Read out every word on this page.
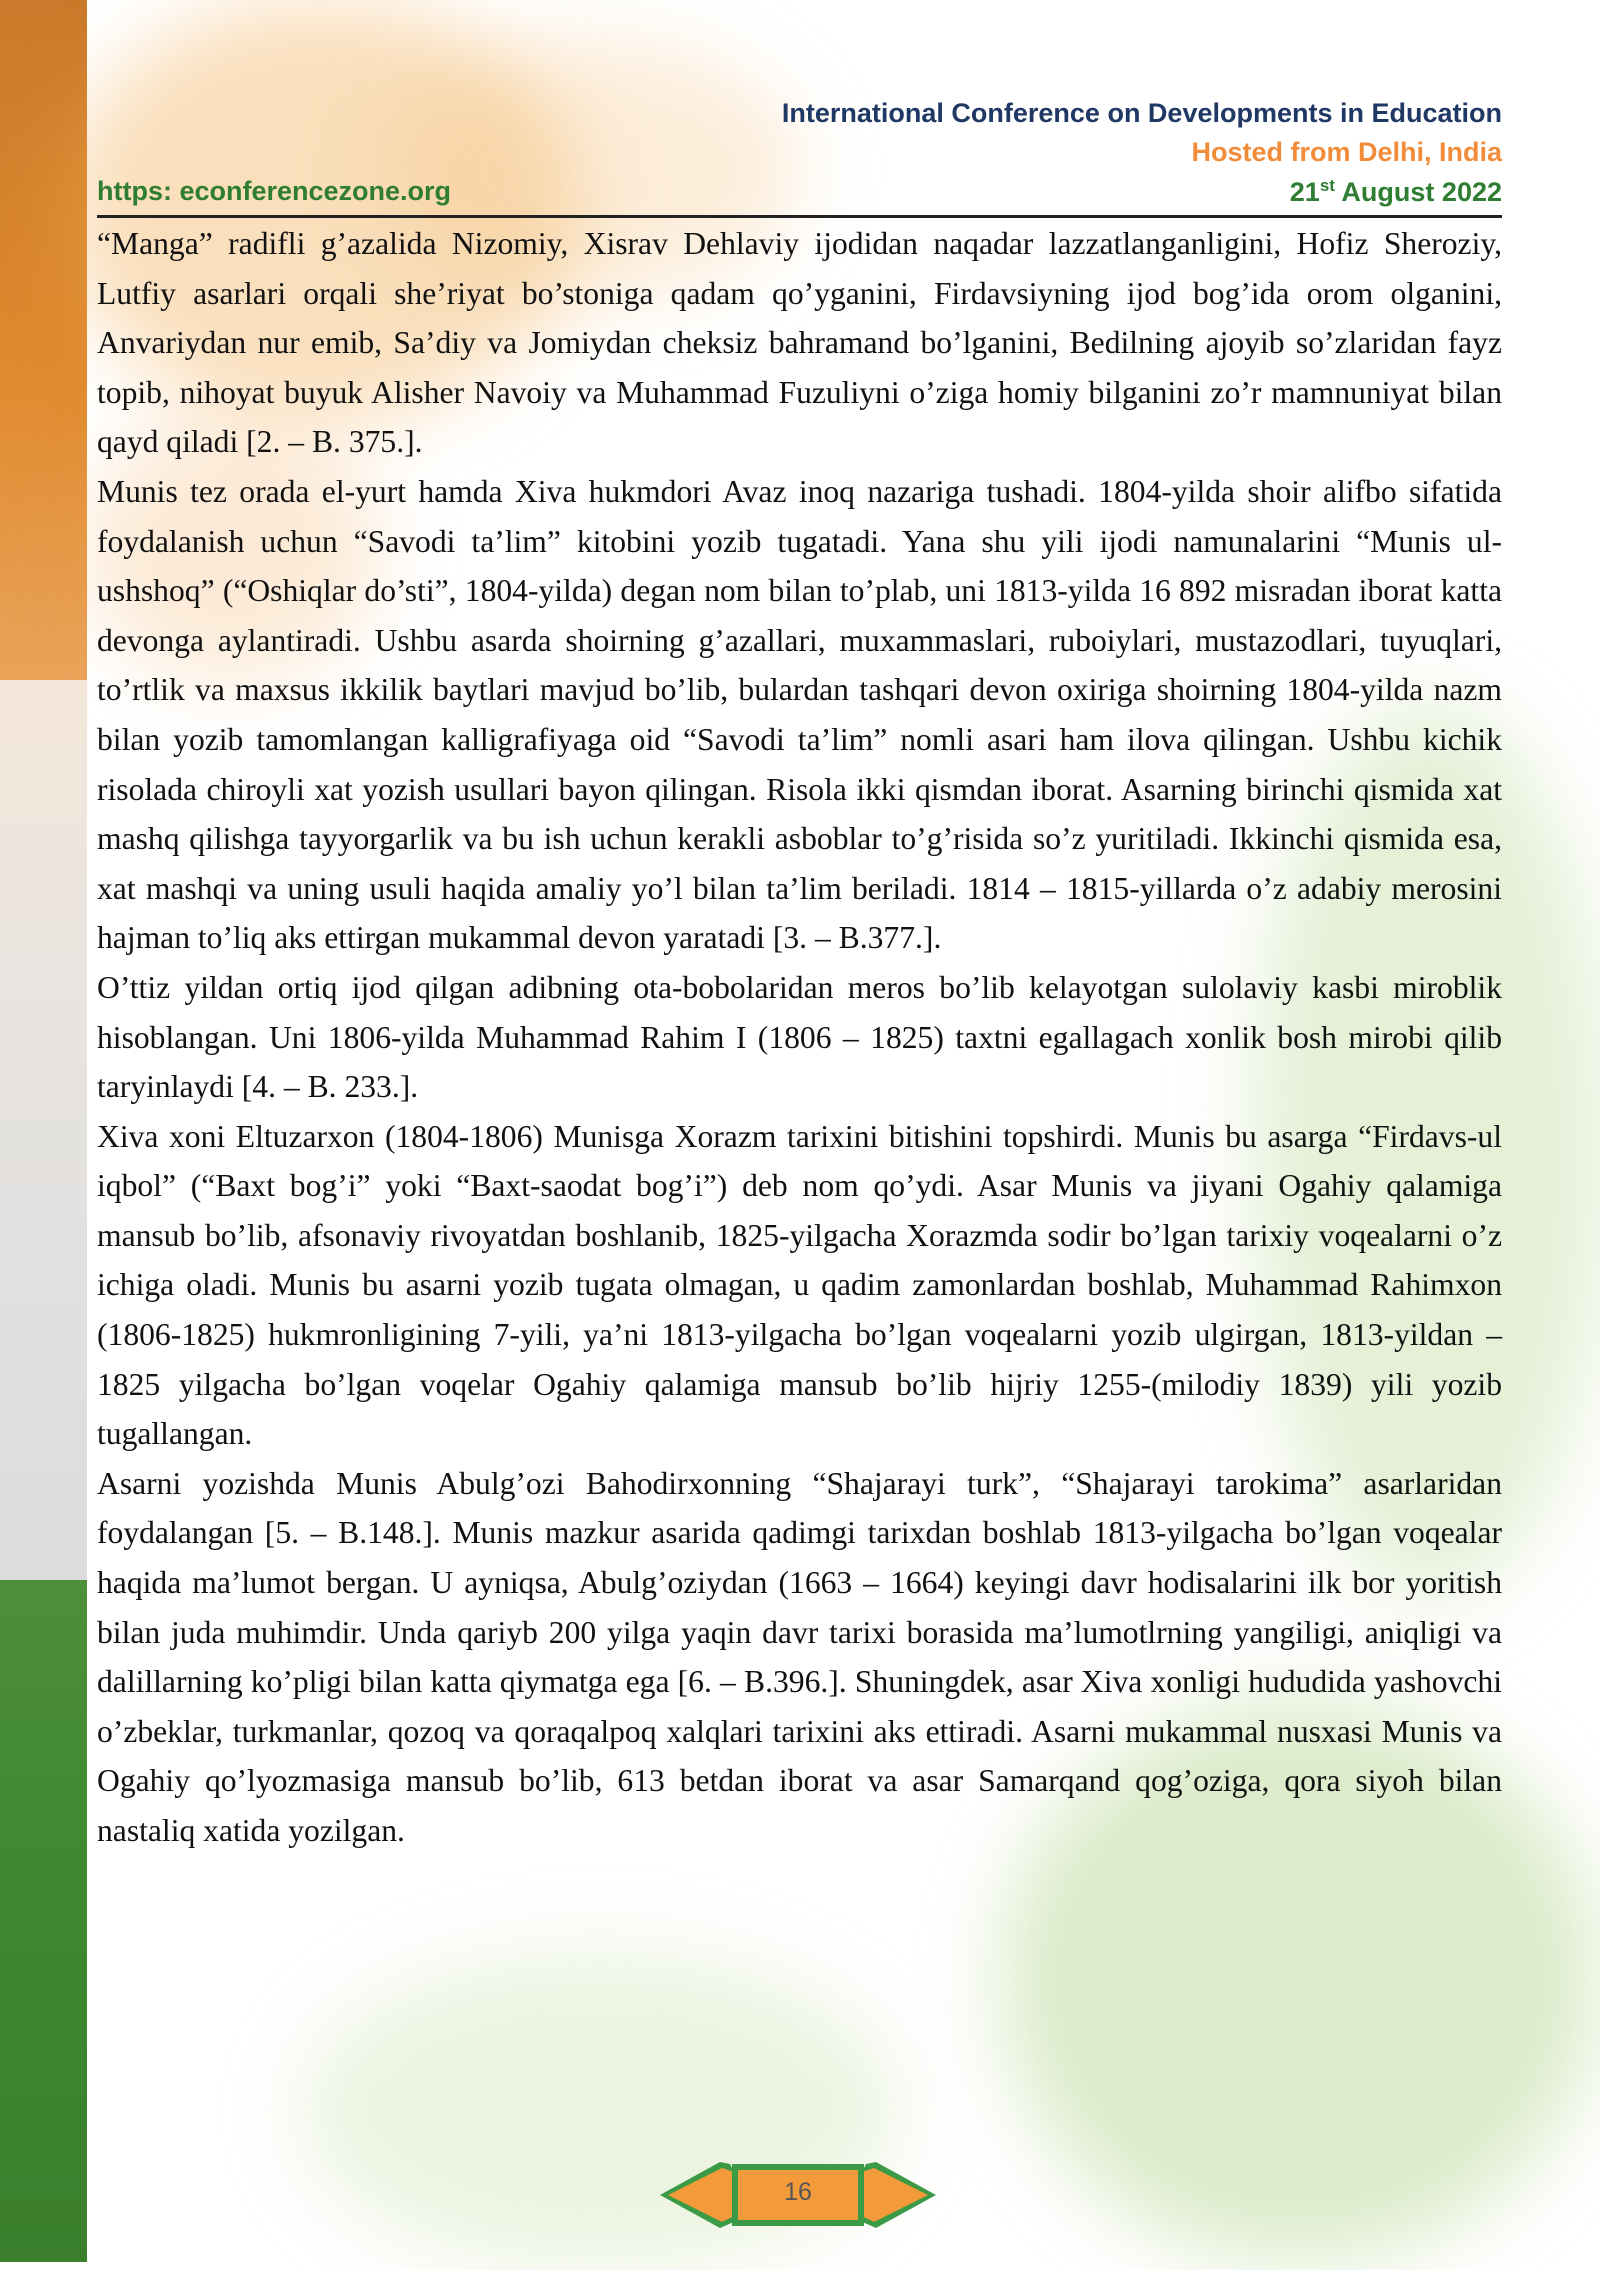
International Conference on Developments in Education
Hosted from Delhi, India
https: econferencezone.org	21st August 2022

“Manga” radifli g’azalida Nizomiy, Xisrav Dehlaviy ijodidan naqadar lazzatlanganligini, Hofiz Sheroziy, Lutfiy asarlari orqali she’riyat bo’stoniga qadam qo’yganini, Firdavsiyning ijod bog’ida orom olganini, Anvariydan nur emib, Sa’diy va Jomiydan cheksiz bahramand bo’lganini, Bedilning ajoyib so’zlaridan fayz topib, nihoyat buyuk Alisher Navoiy va Muhammad Fuzuliyni o’ziga homiy bilganini zo’r mamnuniyat bilan qayd qiladi [2. – B. 375.].

Munis tez orada el-yurt hamda Xiva hukmdori Avaz inoq nazariga tushadi. 1804-yilda shoir alifbo sifatida foydalanish uchun “Savodi ta’lim” kitobini yozib tugatadi. Yana shu yili ijodi namunalarini “Munis ul-ushshoq” (“Oshiqlar do’sti”, 1804-yilda) degan nom bilan to’plab, uni 1813-yilda 16 892 misradan iborat katta devonga aylantiradi. Ushbu asarda shoirning g’azallari, muxammaslari, ruboiylari, mustazodlari, tuyuqlari, to’rtlik va maxsus ikkilik baytlari mavjud bo’lib, bulardan tashqari devon oxiriga shoirning 1804-yilda nazm bilan yozib tamomlangan kalligrafiyaga oid “Savodi ta’lim” nomli asari ham ilova qilingan. Ushbu kichik risolada chiroyli xat yozish usullari bayon qilingan. Risola ikki qismdan iborat. Asarning birinchi qismida xat mashq qilishga tayyorgarlik va bu ish uchun kerakli asboblar to’g’risida so’z yuritiladi. Ikkinchi qismida esa, xat mashqi va uning usuli haqida amaliy yo’l bilan ta’lim beriladi. 1814 – 1815-yillarda o’z adabiy merosini hajman to’liq aks ettirgan mukammal devon yaratadi [3. – B.377.].

O’ttiz yildan ortiq ijod qilgan adibning ota-bobolaridan meros bo’lib kelayotgan sulolaviy kasbi miroblik hisoblangan. Uni 1806-yilda Muhammad Rahim I (1806 – 1825) taxtni egallagach xonlik bosh mirobi qilib taryinlaydi [4. – B. 233.].

Xiva xoni Eltuzarxon (1804-1806) Munisga Xorazm tarixini bitishini topshirdi. Munis bu asarga “Firdavs-ul iqbol” (“Baxt bog’i” yoki “Baxt-saodat bog’i”) deb nom qo’ydi. Asar Munis va jiyani Ogahiy qalamiga mansub bo’lib, afsonaviy rivoyatdan boshlanib, 1825-yilgacha Xorazmda sodir bo’lgan tarixiy voqealarni o’z ichiga oladi. Munis bu asarni yozib tugata olmagan, u qadim zamonlardan boshlab, Muhammad Rahimxon (1806-1825) hukmronligining 7-yili, ya’ni 1813-yilgacha bo’lgan voqealarni yozib ulgirgan, 1813-yildan – 1825 yilgacha bo’lgan voqelar Ogahiy qalamiga mansub bo’lib hijriy 1255-(milodiy 1839) yili yozib tugallangan.

Asarni yozishda Munis Abulg’ozi Bahodirxonning “Shajarayi turk”, “Shajarayi tarokima” asarlaridan foydalangan [5. – B.148.]. Munis mazkur asarida qadimgi tarixdan boshlab 1813-yilgacha bo’lgan voqealar haqida ma’lumot bergan. U ayniqsa, Abulg’oziydan (1663 – 1664) keyingi davr hodisalarini ilk bor yoritish bilan juda muhimdir. Unda qariyb 200 yilga yaqin davr tarixi borasida ma’lumotlrning yangiligi, aniqligi va dalillarning ko’pligi bilan katta qiymatga ega [6. – B.396.]. Shuningdek, asar Xiva xonligi hududida yashovchi o’zbeklar, turkmanlar, qozoq va qoraqalpoq xalqlari tarixini aks ettiradi. Asarni mukammal nusxasi Munis va Ogahiy qo’lyozmasiga mansub bo’lib, 613 betdan iborat va asar Samarqand qog’oziga, qora siyoh bilan nastaliq xatida yozilgan.

16
